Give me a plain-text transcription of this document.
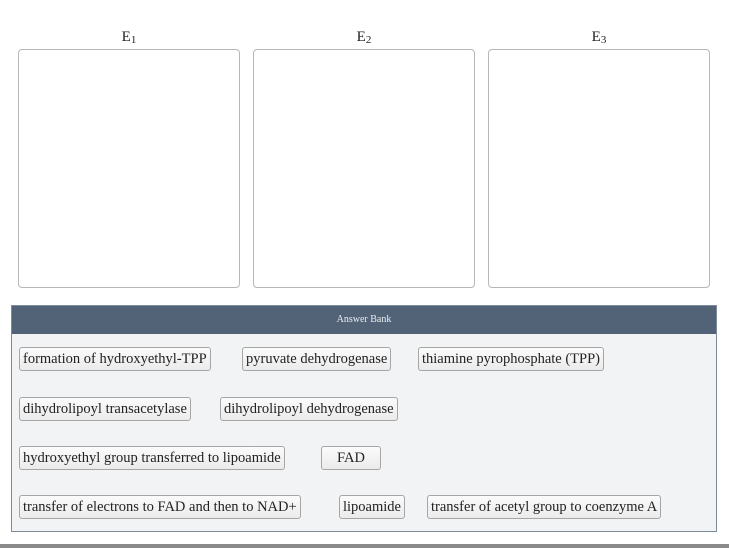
$E_1$	$E_2$	$E_3$
Answer Bank
formation of hydroxyethyl-TPP	pyruvate dehydrogenase thiamine pyrophosphate (TPP)
dihydrolipoyl transacetylase	dihydrolipoyl dehydrogenase
hydroxyethyl group transferred to lipoamide	FAD
transfer of electrons to FAD and then to NAD+	lipoamide transfer of acetyl group to coenzyme A
